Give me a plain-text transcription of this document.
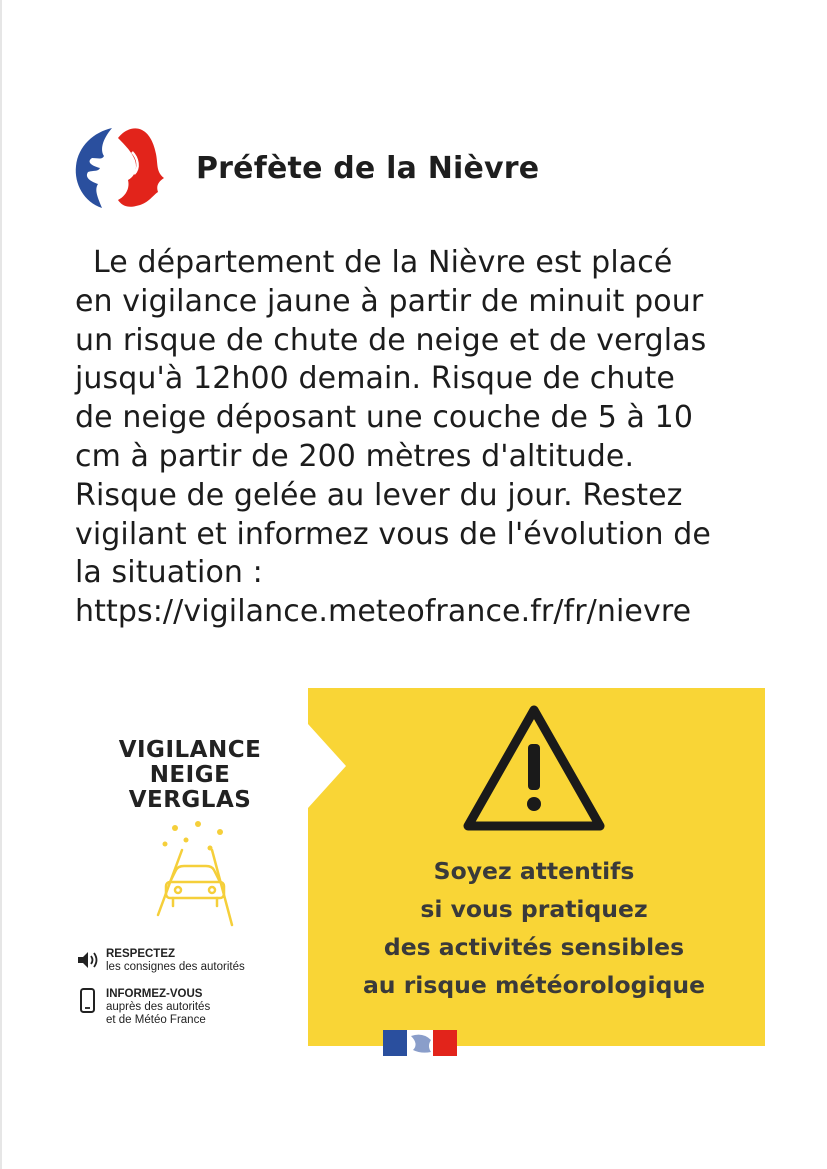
Préfète de la Nièvre

Le département de la Nièvre est placé
en vigilance jaune à partir de minuit pour
un risque de chute de neige et de verglas
jusqu'à 12h00 demain. Risque de chute
de neige déposant une couche de 5 à 10
cm à partir de 200 mètres d'altitude.
Risque de gelée au lever du jour. Restez
vigilant et informez vous de l'évolution de
la situation :
https://vigilance.meteofrance.fr/fr/nievre

VIGILANCE
NEIGE
VERGLAS
RESPECTEZ
les consignes des autorités
INFORMEZ-VOUS
auprès des autorités
et de Météo France
Soyez attentifs
si vous pratiquez
des activités sensibles
au risque météorologique
